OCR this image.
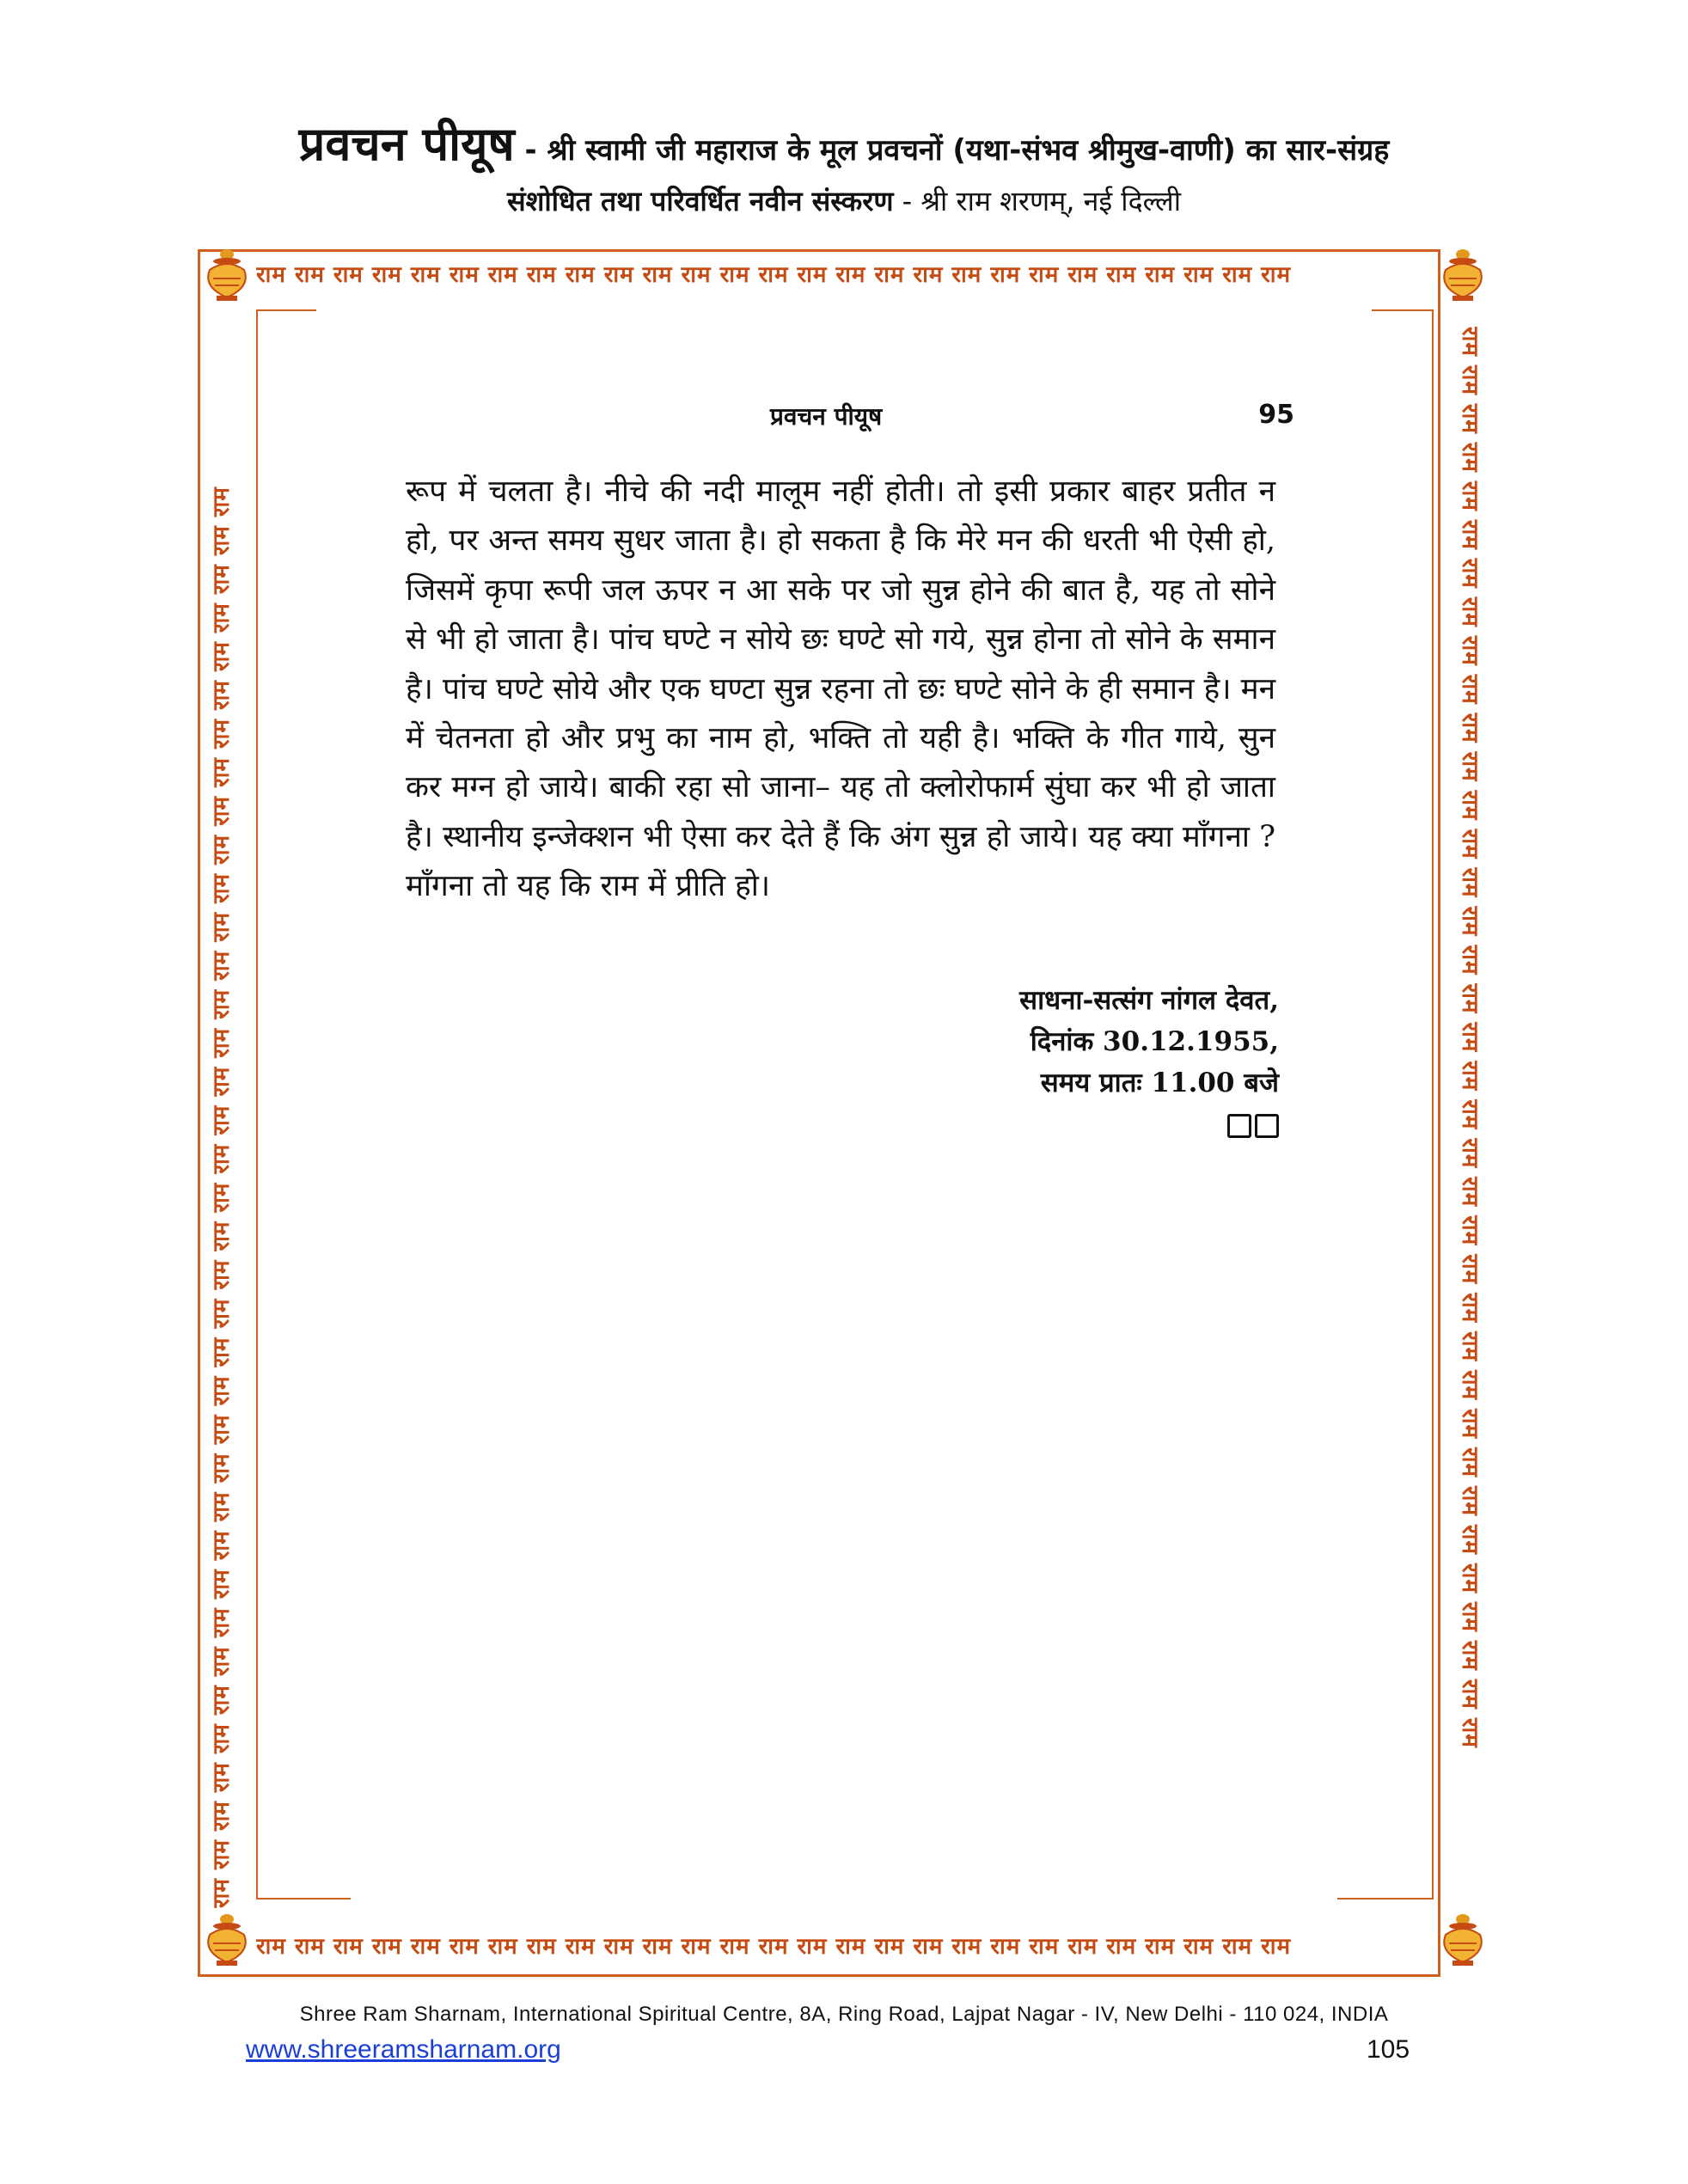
प्रवचन पीयूष - श्री स्वामी जी महाराज के मूल प्रवचनों (यथा-संभव श्रीमुख-वाणी) का सार-संग्रह
संशोधित तथा परिवर्धित नवीन संस्करण - श्री राम शरणम्, नई दिल्ली
राम राम राम राम राम राम राम राम राम राम राम राम राम राम राम राम राम राम राम राम राम राम राम राम राम राम राम
राम राम राम राम राम राम राम राम राम राम राम राम राम राम राम राम राम राम राम राम राम राम राम राम राम राम राम
राम राम राम राम राम राम राम राम राम राम राम राम राम राम राम राम राम राम राम राम राम राम राम राम राम राम राम राम राम राम राम राम राम राम राम राम राम	राम राम राम राम राम राम राम राम राम राम राम राम राम राम राम राम राम राम राम राम राम राम राम राम राम राम राम राम राम राम राम राम राम राम राम राम राम
प्रवचन पीयूष	95

रूप में चलता है। नीचे की नदी मालूम नहीं होती। तो इसी प्रकार बाहर प्रतीत न हो, पर अन्त समय सुधर जाता है। हो सकता है कि मेरे मन की धरती भी ऐसी हो, जिसमें कृपा रूपी जल ऊपर न आ सके पर जो सुन्न होने की बात है, यह तो सोने से भी हो जाता है। पांच घण्टे न सोये छः घण्टे सो गये, सुन्न होना तो सोने के समान है। पांच घण्टे सोये और एक घण्टा सुन्न रहना तो छः घण्टे सोने के ही समान है। मन में चेतनता हो और प्रभु का नाम हो, भक्ति तो यही है। भक्ति के गीत गाये, सुन कर मग्न हो जाये। बाकी रहा सो जाना– यह तो क्लोरोफार्म सुंघा कर भी हो जाता है। स्थानीय इन्जेक्शन भी ऐसा कर देते हैं कि अंग सुन्न हो जाये। यह क्या माँगना ? माँगना तो यह कि राम में प्रीति हो।

साधना-सत्संग नांगल देवत,
दिनांक 30.12.1955,
समय प्रातः 11.00 बजे
Shree Ram Sharnam, International Spiritual Centre, 8A, Ring Road, Lajpat Nagar - IV, New Delhi - 110 024, INDIA
www.shreeramsharnam.org	105
